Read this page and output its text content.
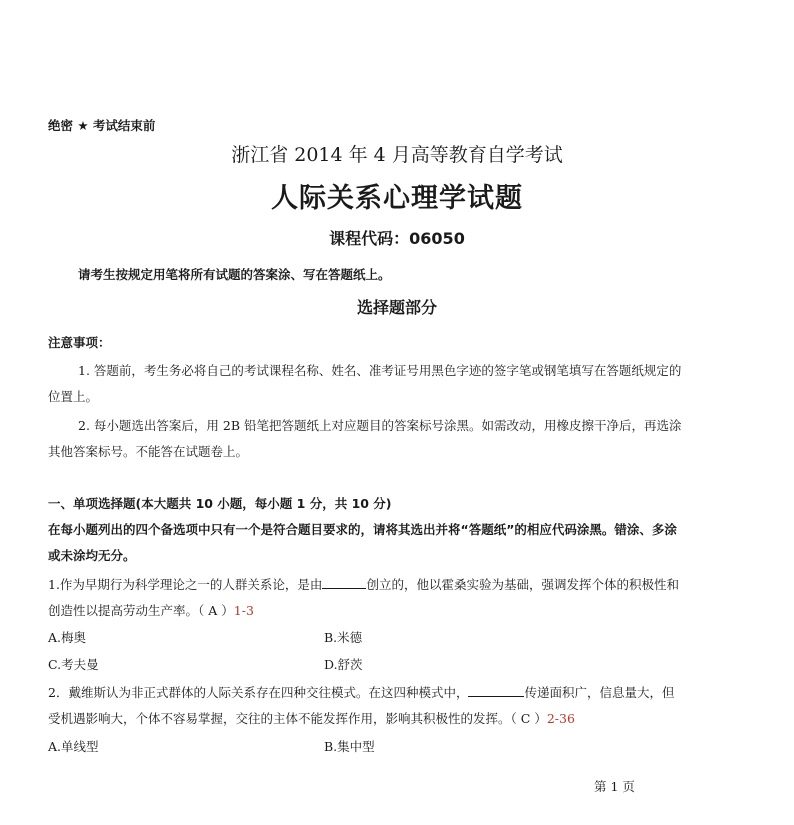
绝密 ★ 考试结束前
浙江省 2014 年 4 月高等教育自学考试
人际关系心理学试题
课程代码：06050
请考生按规定用笔将所有试题的答案涂、写在答题纸上。
选择题部分
注意事项：
1. 答题前，考生务必将自己的考试课程名称、姓名、准考证号用黑色字迹的签字笔或钢笔填写在答题纸规定的
位置上。
2. 每小题选出答案后，用 2B 铅笔把答题纸上对应题目的答案标号涂黑。如需改动，用橡皮擦干净后，再选涂
其他答案标号。不能答在试题卷上。
一、单项选择题(本大题共 10 小题，每小题 1 分，共 10 分)
在每小题列出的四个备选项中只有一个是符合题目要求的，请将其选出并将“答题纸”的相应代码涂黑。错涂、多涂
或未涂均无分。
1.作为早期行为科学理论之一的人群关系论，是由	创立的，他以霍桑实验为基础，强调发挥个体的积极性和
创造性以提高劳动生产率。（ A ）1-3
A.梅奥	B.米德
C.考夫曼	D.舒茨
2．戴维斯认为非正式群体的人际关系存在四种交往模式。在这四种模式中，	传递面积广，信息量大，但
受机遇影响大，个体不容易掌握，交往的主体不能发挥作用，影响其积极性的发挥。（ C ）2-36
A.单线型	B.集中型
第 1 页
